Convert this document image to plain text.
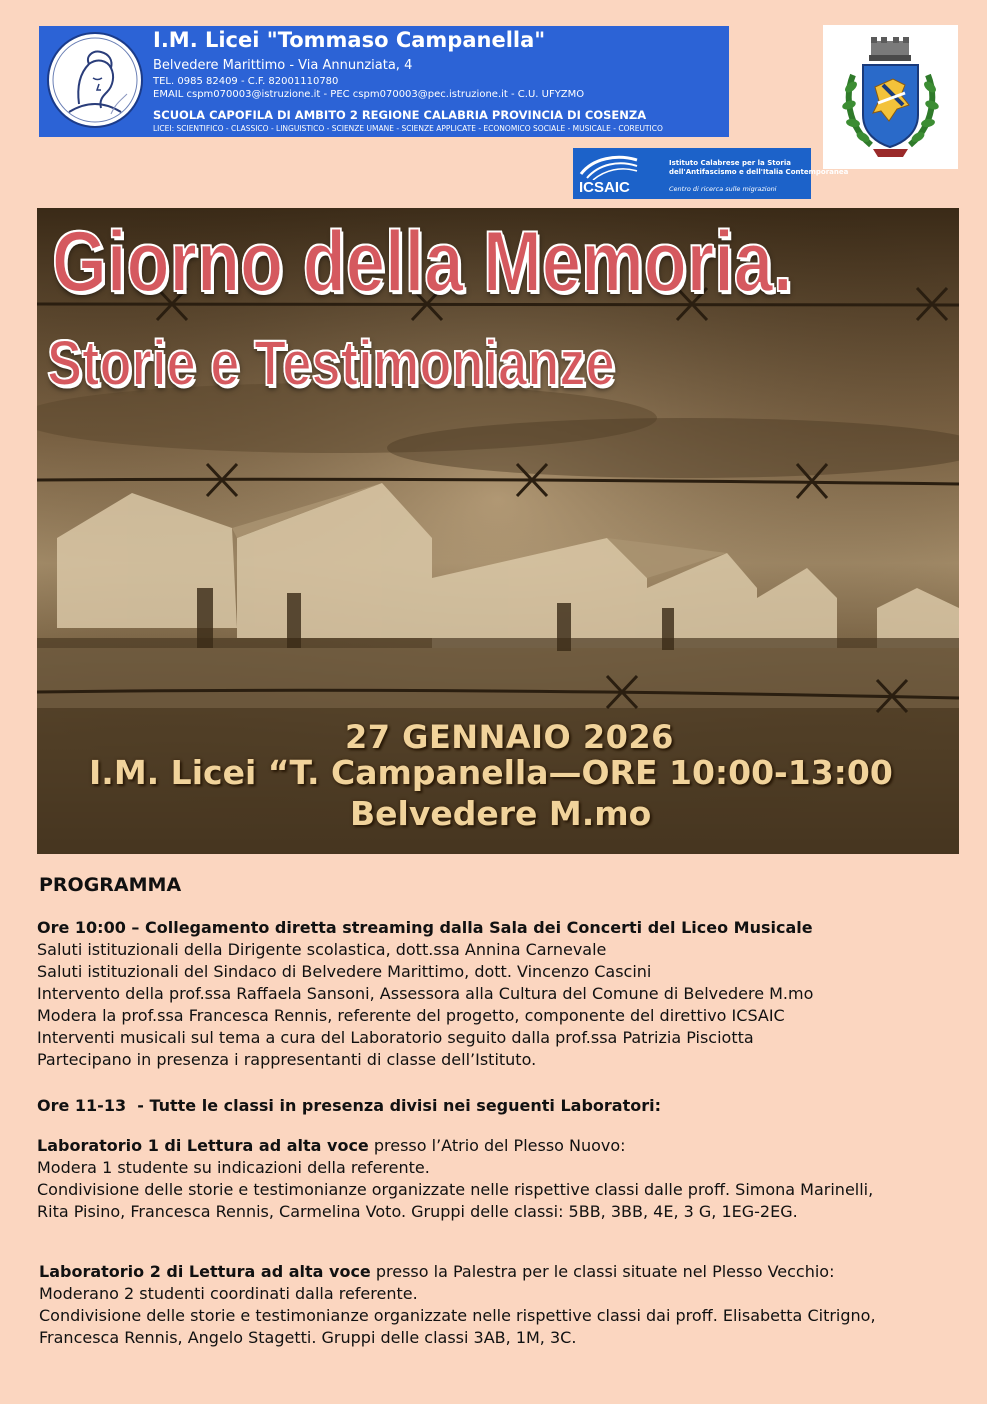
I.M. Licei "Tommaso Campanella"
Belvedere Marittimo - Via Annunziata, 4
TEL. 0985 82409 - C.F. 82001110780
EMAIL cspm070003@istruzione.it - PEC cspm070003@pec.istruzione.it - C.U. UFYZMO
SCUOLA CAPOFILA DI AMBITO 2 REGIONE CALABRIA PROVINCIA DI COSENZA
LICEI: SCIENTIFICO - CLASSICO - LINGUISTICO - SCIENZE UMANE - SCIENZE APPLICATE - ECONOMICO SOCIALE - MUSICALE - COREUTICO
ICSAIC
Istituto Calabrese per la Storia
dell'Antifascismo e dell'Italia Contemporanea
Centro di ricerca sulle migrazioni
Giorno della Memoria.
Storie e Testimonianze
27 GENNAIO 2026
I.M. Licei “T. Campanella—ORE 10:00-13:00
Belvedere M.mo
PROGRAMMA
Ore 10:00 – Collegamento diretta streaming dalla Sala dei Concerti del Liceo Musicale
Saluti istituzionali della Dirigente scolastica, dott.ssa Annina Carnevale
Saluti istituzionali del Sindaco di Belvedere Marittimo, dott. Vincenzo Cascini
Intervento della prof.ssa Raffaela Sansoni, Assessora alla Cultura del Comune di Belvedere M.mo
Modera la prof.ssa Francesca Rennis, referente del progetto, componente del direttivo ICSAIC
Interventi musicali sul tema a cura del Laboratorio seguito dalla prof.ssa Patrizia Pisciotta
Partecipano in presenza i rappresentanti di classe dell’Istituto.
Ore 11-13  - Tutte le classi in presenza divisi nei seguenti Laboratori:
Laboratorio 1 di Lettura ad alta voce presso l’Atrio del Plesso Nuovo:
Modera 1 studente su indicazioni della referente.
Condivisione delle storie e testimonianze organizzate nelle rispettive classi dalle proff. Simona Marinelli,
Rita Pisino, Francesca Rennis, Carmelina Voto. Gruppi delle classi: 5BB, 3BB, 4E, 3 G, 1EG-2EG.
Laboratorio 2 di Lettura ad alta voce presso la Palestra per le classi situate nel Plesso Vecchio:
Moderano 2 studenti coordinati dalla referente.
Condivisione delle storie e testimonianze organizzate nelle rispettive classi dai proff. Elisabetta Citrigno,
Francesca Rennis, Angelo Stagetti. Gruppi delle classi 3AB, 1M, 3C.
